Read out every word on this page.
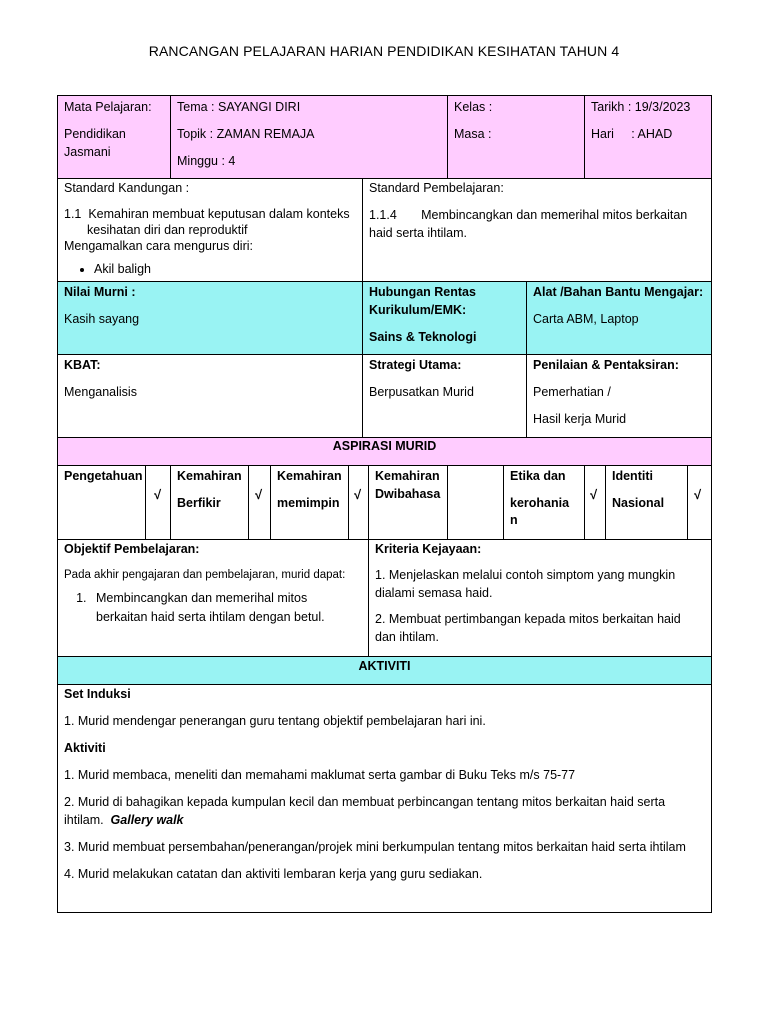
RANCANGAN PELAJARAN HARIAN PENDIDIKAN KESIHATAN TAHUN 4

Mata Pelajaran:

Pendidikan Jasmani

Tema : SAYANGI DIRI

Topik : ZAMAN REMAJA

Minggu : 4

Kelas :

Masa :

Tarikh : 19/3/2023

Hari : AHAD

Standard Kandungan :

1.1 Kemahiran membuat keputusan dalam konteks kesihatan diri dan reproduktif

Mengamalkan cara mengurus diri:

• Akil baligh

Standard Pembelajaran:

1.1.4 Membincangkan dan memerihal mitos berkaitan haid serta ihtilam.

Nilai Murni :

Kasih sayang

Hubungan Rentas Kurikulum/EMK:

Sains & Teknologi

Alat /Bahan Bantu Mengajar:

Carta ABM, Laptop

KBAT:

Menganalisis

Strategi Utama:

Berpusatkan Murid

Penilaian & Pentaksiran:

Pemerhatian /

Hasil kerja Murid

ASPIRASI MURID

Pengetahuan

√

Kemahiran

Berfikir

√

Kemahiran

memimpin

√

Kemahiran

Dwibahasa

Etika dan

kerohania

n

√

Identiti

Nasional

√

Objektif Pembelajaran:

Pada akhir pengajaran dan pembelajaran, murid dapat:

1. Membincangkan dan memerihal mitos berkaitan haid serta ihtilam dengan betul.

Kriteria Kejayaan:

1. Menjelaskan melalui contoh simptom yang mungkin dialami semasa haid.

2. Membuat pertimbangan kepada mitos berkaitan haid dan ihtilam.

AKTIVITI

Set Induksi

1. Murid mendengar penerangan guru tentang objektif pembelajaran hari ini.

Aktiviti

1. Murid membaca, meneliti dan memahami maklumat serta gambar di Buku Teks m/s 75-77

2. Murid di bahagikan kepada kumpulan kecil dan membuat perbincangan tentang mitos berkaitan haid serta ihtilam. Gallery walk

3. Murid membuat persembahan/penerangan/projek mini berkumpulan tentang mitos berkaitan haid serta ihtilam

4. Murid melakukan catatan dan aktiviti lembaran kerja yang guru sediakan.
